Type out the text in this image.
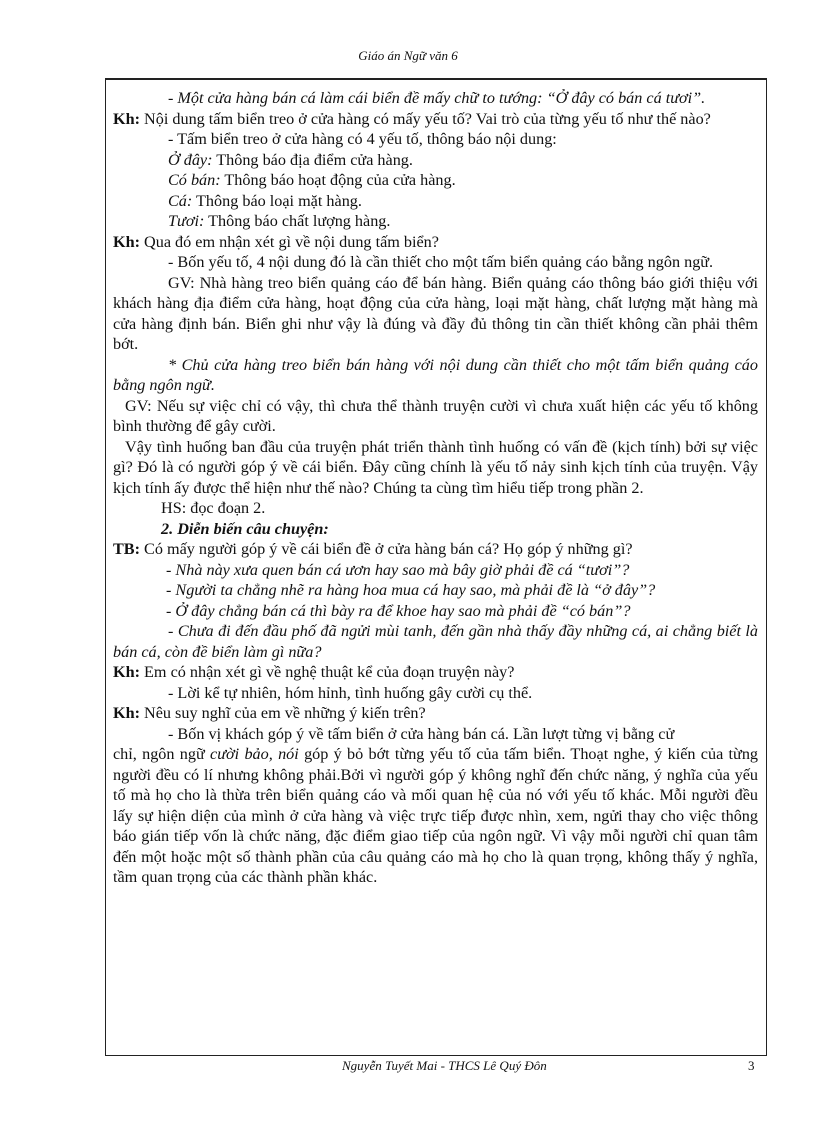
Giáo án Ngữ văn 6

- Một cửa hàng bán cá làm cái biển đề mấy chữ to tướng: “Ở đây có bán cá tươi”.

Kh: Nội dung tấm biển treo ở cửa hàng có mấy yếu tố? Vai trò của từng yếu tố như thế nào?

- Tấm biển treo ở cửa hàng có 4 yếu tố, thông báo nội dung:

Ở đây: Thông báo địa điểm cửa hàng.

Có bán: Thông báo hoạt động của cửa hàng.

Cá: Thông báo loại mặt hàng.

Tươi: Thông báo chất lượng hàng.

Kh: Qua đó em nhận xét gì về nội dung tấm biển?

- Bốn yếu tố, 4 nội dung đó là cần thiết cho một tấm biển quảng cáo bằng ngôn ngữ.

GV: Nhà hàng treo biển quảng cáo để bán hàng. Biển quảng cáo thông báo giới thiệu với khách hàng địa điểm cửa hàng, hoạt động của cửa hàng, loại mặt hàng, chất lượng mặt hàng mà cửa hàng định bán. Biển ghi như vậy là đúng và đầy đủ thông tin cần thiết không cần phải thêm bớt.

* Chủ cửa hàng treo biển bán hàng với nội dung cần thiết cho một tấm biển quảng cáo bằng ngôn ngữ.

GV: Nếu sự việc chỉ có vậy, thì chưa thể thành truyện cười vì chưa xuất hiện các yếu tố không bình thường để gây cười.

Vậy tình huống ban đầu của truyện phát triển thành tình huống có vấn đề (kịch tính) bởi sự việc gì? Đó là có người góp ý về cái biển. Đây cũng chính là yếu tố nảy sinh kịch tính của truyện. Vậy kịch tính ấy được thể hiện như thế nào? Chúng ta cùng tìm hiểu tiếp trong phần 2.

HS: đọc đoạn 2.

2. Diễn biến câu chuyện:

TB: Có mấy người góp ý về cái biển đề ở cửa hàng bán cá? Họ góp ý những gì?

- Nhà này xưa quen bán cá ươn hay sao mà bây giờ phải đề cá “tươi”?

- Người ta chẳng nhẽ ra hàng hoa mua cá hay sao, mà phải đề là “ở đây”?

- Ở đây chẳng bán cá thì bày ra để khoe hay sao mà phải đề “có bán”?

- Chưa đi đến đầu phố đã ngửi mùi tanh, đến gần nhà thấy đầy những cá, ai chẳng biết là bán cá, còn đề biển làm gì nữa?

Kh: Em có nhận xét gì về nghệ thuật kể của đoạn truyện này?

- Lời kể tự nhiên, hóm hỉnh, tình huống gây cười cụ thể.

Kh: Nêu suy nghĩ của em về những ý kiến trên?

- Bốn vị khách góp ý về tấm biển ở cửa hàng bán cá. Lần lượt từng vị bằng cử

chỉ, ngôn ngữ cười bảo, nói góp ý bỏ bớt từng yếu tố của tấm biển. Thoạt nghe, ý kiến của từng người đều có lí nhưng không phải.Bởi vì người góp ý không nghĩ đến chức năng, ý nghĩa của yếu tố mà họ cho là thừa trên biển quảng cáo và mối quan hệ của nó với yếu tố khác. Mỗi người đều lấy sự hiện diện của mình ở cửa hàng và việc trực tiếp được nhìn, xem, ngửi thay cho việc thông báo gián tiếp vốn là chức năng, đặc điểm giao tiếp của ngôn ngữ. Vì vậy mỗi người chỉ quan tâm đến một hoặc một số thành phần của câu quảng cáo mà họ cho là quan trọng, không thấy ý nghĩa, tầm quan trọng của các thành phần khác.

Nguyễn Tuyết Mai - THCS Lê Quý Đôn	3
